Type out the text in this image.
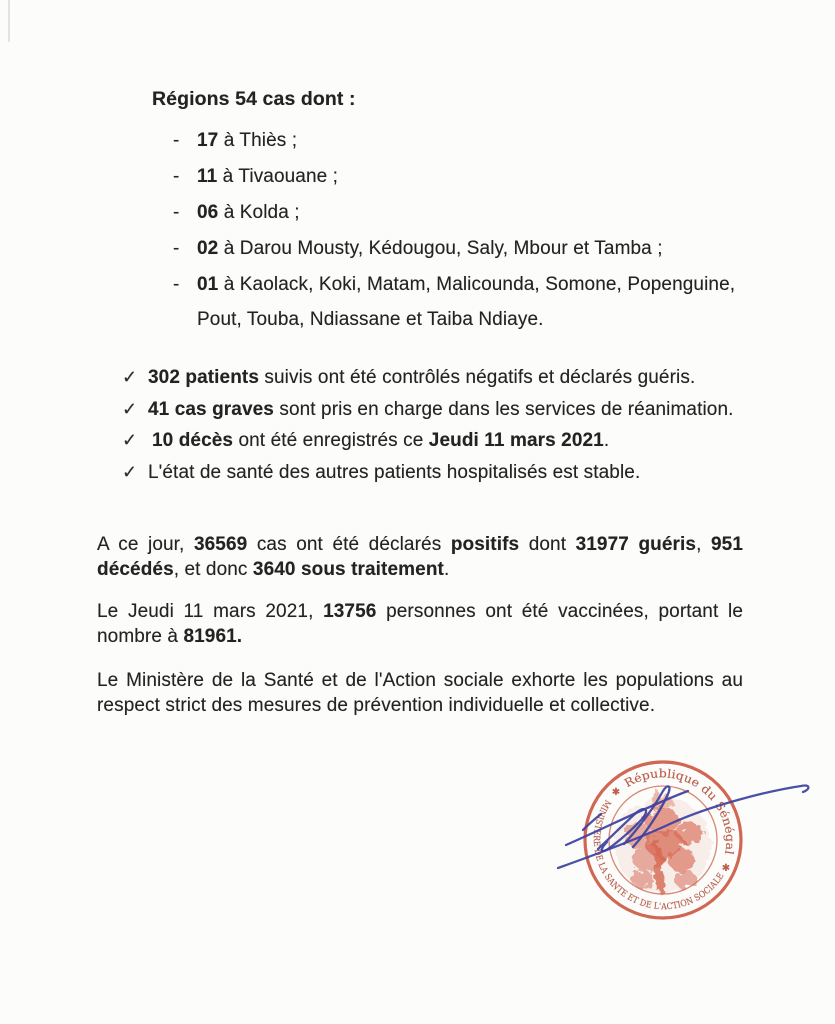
Régions 54 cas dont :
- 17 à Thiès ;
- 11 à Tivaouane ;
- 06 à Kolda ;
- 02 à Darou Mousty, Kédougou, Saly, Mbour et Tamba ;
- 01 à Kaolack, Koki, Matam, Malicounda, Somone, Popenguine,
Pout, Touba, Ndiassane et Taiba Ndiaye.
✓ 302 patients suivis ont été contrôlés négatifs et déclarés guéris.
✓ 41 cas graves sont pris en charge dans les services de réanimation.
✓ 10 décès ont été enregistrés ce Jeudi 11 mars 2021.
✓ L'état de santé des autres patients hospitalisés est stable.
A ce jour, 36569 cas ont été déclarés positifs dont 31977 guéris, 951
décédés, et donc 3640 sous traitement.
Le Jeudi 11 mars 2021, 13756 personnes ont été vaccinées, portant le
nombre à 81961.
Le Ministère de la Santé et de l'Action sociale exhorte les populations au
respect strict des mesures de prévention individuelle et collective.
République du Sénégal
MINISTERE DE LA SANTE ET DE L'ACTION SOCIALE
✱
✱
